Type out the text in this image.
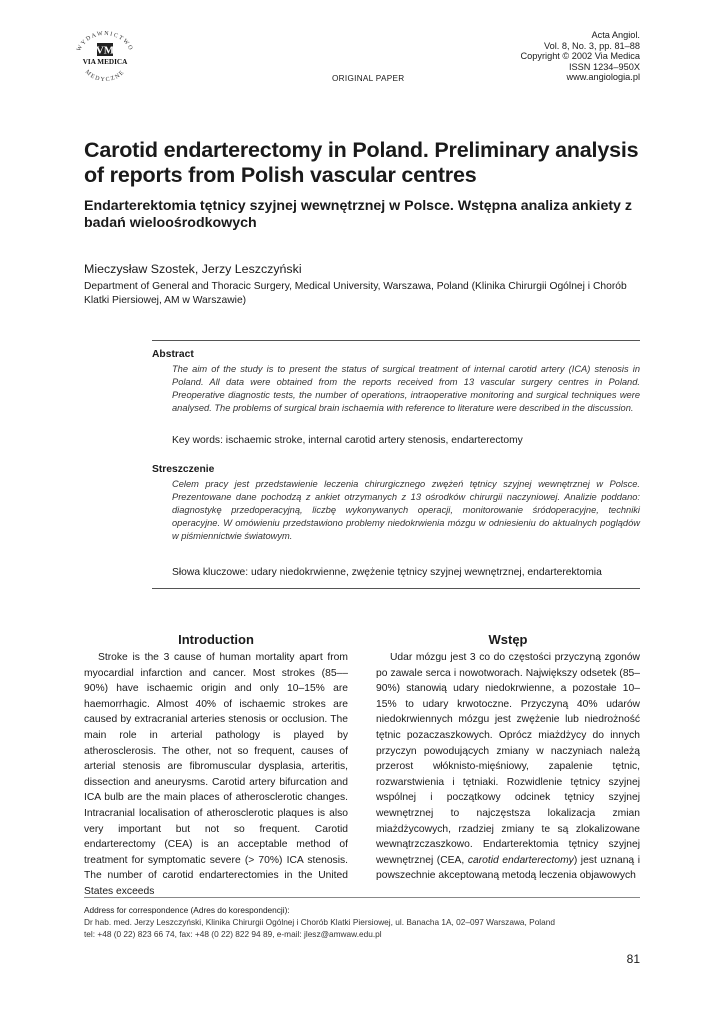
WYDAWNICTWO
MEDYCZNE
VM
VIA MEDICA
Acta Angiol.
Vol. 8, No. 3, pp. 81–88
Copyright © 2002 Via Medica
ISSN 1234–950X
www.angiologia.pl
ORIGINAL PAPER
Carotid endarterectomy in Poland. Preliminary analysis of reports from Polish vascular centres
Endarterektomia tętnicy szyjnej wewnętrznej w Polsce. Wstępna analiza ankiety z badań wieloośrodkowych
Mieczysław Szostek, Jerzy Leszczyński
Department of General and Thoracic Surgery, Medical University, Warszawa, Poland (Klinika Chirurgii Ogólnej i Chorób Klatki Piersiowej, AM w Warszawie)
Abstract
The aim of the study is to present the status of surgical treatment of internal carotid artery (ICA) stenosis in Poland. All data were obtained from the reports received from 13 vascular surgery centres in Poland. Preoperative diagnostic tests, the number of operations, intraoperative monitoring and surgical techniques were analysed. The problems of surgical brain ischaemia with reference to literature were described in the discussion.
Key words: ischaemic stroke, internal carotid artery stenosis, endarterectomy
Streszczenie
Celem pracy jest przedstawienie leczenia chirurgicznego zwężeń tętnicy szyjnej wewnętrznej w Polsce. Prezentowane dane pochodzą z ankiet otrzymanych z 13 ośrodków chirurgii naczyniowej. Analizie poddano: diagnostykę przedoperacyjną, liczbę wykonywanych operacji, monitorowanie śródoperacyjne, techniki operacyjne. W omówieniu przedstawiono problemy niedokrwienia mózgu w odniesieniu do aktualnych poglądów w piśmiennictwie światowym.
Słowa kluczowe: udary niedokrwienne, zwężenie tętnicy szyjnej wewnętrznej, endarterektomia
Introduction
Stroke is the 3 cause of human mortality apart from myocardial infarction and cancer. Most strokes (85––90%) have ischaemic origin and only 10–15% are haemorrhagic. Almost 40% of ischaemic strokes are caused by extracranial arteries stenosis or occlusion. The main role in arterial pathology is played by atherosclerosis. The other, not so frequent, causes of arterial stenosis are fibromuscular dysplasia, arteritis, dissection and aneurysms. Carotid artery bifurcation and ICA bulb are the main places of atherosclerotic changes. Intracranial localisation of atherosclerotic plaques is also very important but not so frequent. Carotid endarterectomy (CEA) is an acceptable method of treatment for symptomatic severe (> 70%) ICA stenosis. The number of carotid endarterectomies in the United States exceeds
Wstęp
Udar mózgu jest 3 co do częstości przyczyną zgonów po zawale serca i nowotworach. Największy odsetek (85–90%) stanowią udary niedokrwienne, a pozostałe 10–15% to udary krwotoczne. Przyczyną 40% udarów niedokrwiennych mózgu jest zwężenie lub niedrożność tętnic pozaczaszkowych. Oprócz miażdżycy do innych przyczyn powodujących zmiany w naczyniach należą przerost włóknisto-mięśniowy, zapalenie tętnic, rozwarstwienia i tętniaki. Rozwidlenie tętnicy szyjnej wspólnej i początkowy odcinek tętnicy szyjnej wewnętrznej to najczęstsza lokalizacja zmian miażdżycowych, rzadziej zmiany te są zlokalizowane wewnątrzczaszkowo. Endarterektomia tętnicy szyjnej wewnętrznej (CEA, carotid endarterectomy) jest uznaną i powszechnie akceptowaną metodą leczenia objawowych
Address for correspondence (Adres do korespondencji):
Dr hab. med. Jerzy Leszczyński, Klinika Chirurgii Ogólnej i Chorób Klatki Piersiowej, ul. Banacha 1A, 02–097 Warszawa, Poland
tel: +48 (0 22) 823 66 74, fax: +48 (0 22) 822 94 89, e-mail: jlesz@amwaw.edu.pl
81
